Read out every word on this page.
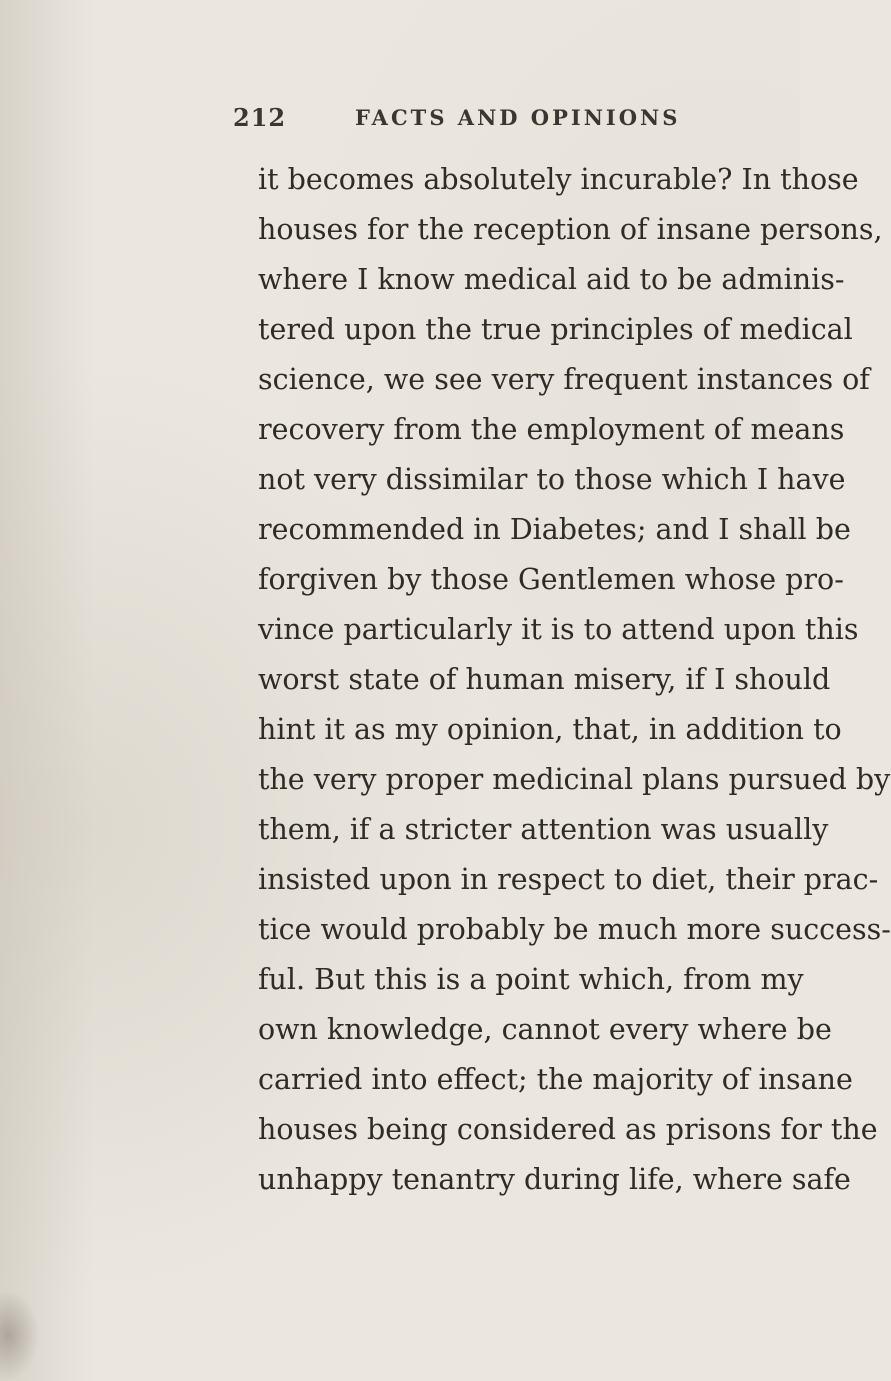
212	FACTS AND OPINIONS
it becomes absolutely incurable? In those
houses for the reception of insane persons,
where I know medical aid to be adminis-
tered upon the true principles of medical
science, we see very frequent instances of
recovery from the employment of means
not very dissimilar to those which I have
recommended in Diabetes; and I shall be
forgiven by those Gentlemen whose pro-
vince particularly it is to attend upon this
worst state of human misery, if I should
hint it as my opinion, that, in addition to
the very proper medicinal plans pursued by
them, if a stricter attention was usually
insisted upon in respect to diet, their prac-
tice would probably be much more success-
ful. But this is a point which, from my
own knowledge, cannot every where be
carried into effect; the majority of insane
houses being considered as prisons for the
unhappy tenantry during life, where safe
